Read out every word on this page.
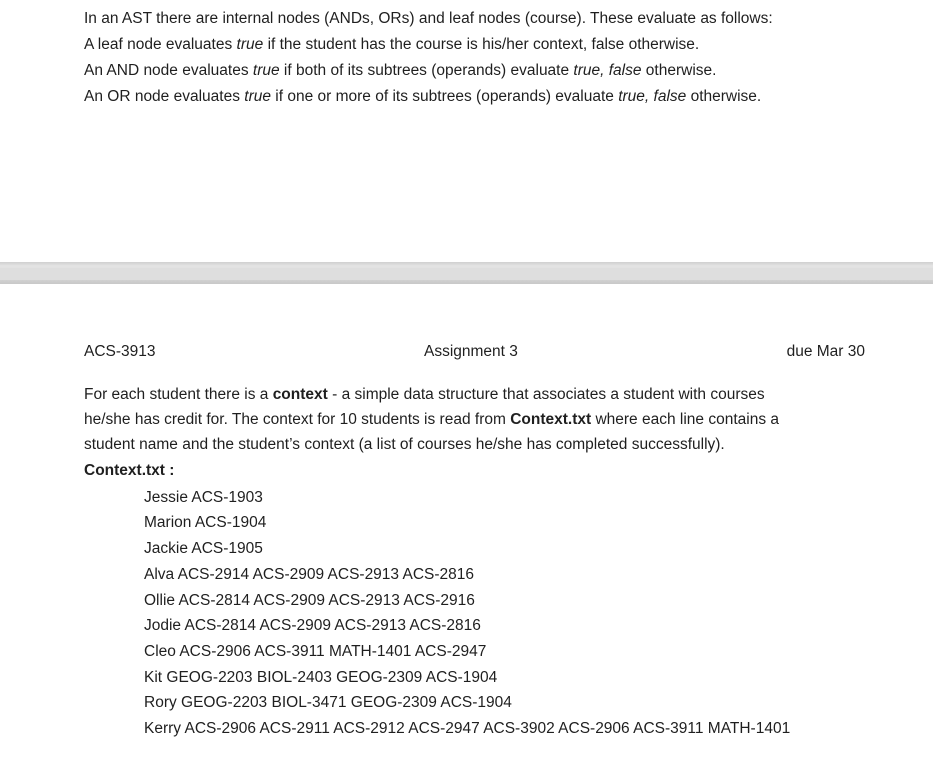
In an AST there are internal nodes (ANDs, ORs) and leaf nodes (course). These evaluate as follows:
A leaf node evaluates true if the student has the course is his/her context, false otherwise.
An AND node evaluates true if both of its subtrees (operands) evaluate true, false otherwise.
An OR node evaluates true if one or more of its subtrees (operands) evaluate true, false otherwise.
ACS-3913	Assignment 3	due Mar 30
For each student there is a context - a simple data structure that associates a student with courses
he/she has credit for. The context for 10 students is read from Context.txt where each line contains a
student name and the student’s context (a list of courses he/she has completed successfully).
Context.txt :
Jessie ACS-1903
Marion ACS-1904
Jackie ACS-1905
Alva ACS-2914 ACS-2909 ACS-2913 ACS-2816
Ollie ACS-2814 ACS-2909 ACS-2913 ACS-2916
Jodie ACS-2814 ACS-2909 ACS-2913 ACS-2816
Cleo ACS-2906 ACS-3911 MATH-1401 ACS-2947
Kit GEOG-2203 BIOL-2403 GEOG-2309 ACS-1904
Rory GEOG-2203 BIOL-3471 GEOG-2309 ACS-1904
Kerry ACS-2906 ACS-2911 ACS-2912 ACS-2947 ACS-3902 ACS-2906 ACS-3911 MATH-1401
